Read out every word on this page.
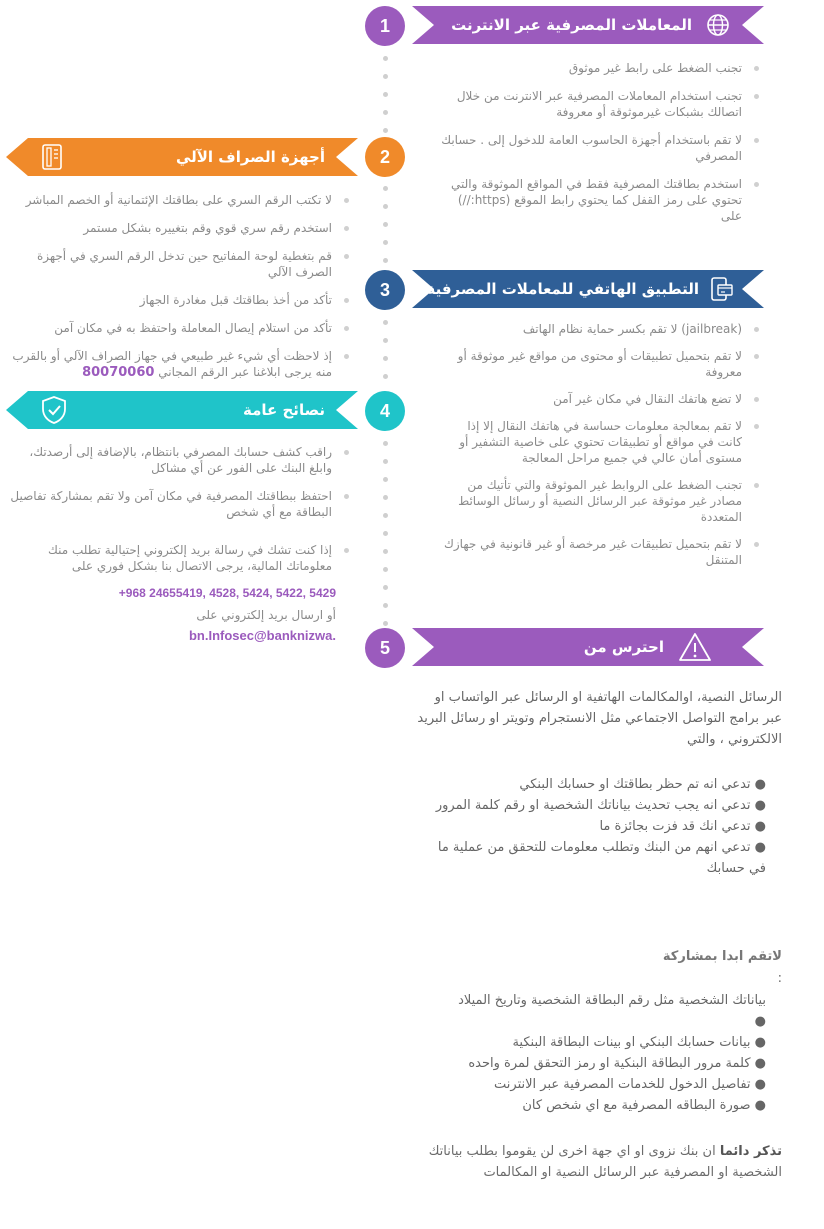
1
2
3
4
5
المعاملات المصرفية عبر الانترنت
تجنب الضغط على رابط غير موثوق
تجنب استخدام المعاملات المصرفية عبر الانترنت من خلال اتصالك بشبكات غيرموثوقة أو معروفة
لا تقم باستخدام أجهزة الحاسوب العامة للدخول إلى . حسابك المصرفي
استخدم بطاقتك المصرفية فقط في المواقع الموثوقة والتي تحتوي على رمز القفل كما يحتوي رابط الموقع (https://) على
أجهزة الصراف الآلي
لا تكتب الرقم السري على بطاقتك الإئتمانية أو الخصم المباشر
استخدم رقم سري قوي وقم بتغييره بشكل مستمر
قم بتغطية لوحة المفاتيح حين تدخل الرقم السري في أجهزة الصرف الآلي
تأكد من أخذ بطاقتك قبل مغادرة الجهاز
تأكد من استلام إيصال المعاملة واحتفظ به في مكان آمن
إذ لاحظت أي شيء غير طبيعي في جهاز الصراف الآلي أو بالقرب منه يرجى ابلاغنا عبر الرقم المجاني 80070060
التطبيق الهاتفي للمعاملات المصرفية
(jailbreak) لا تقم بكسر حماية نظام الهاتف
لا تقم بتحميل تطبيقات أو محتوى من مواقع غير موثوقة أو معروفة
لا تضع هاتفك النقال في مكان غير آمن
لا تقم بمعالجة معلومات حساسة في هاتفك النقال إلا إذا كانت في مواقع أو تطبيقات تحتوي على خاصية التشفير أو مستوى أمان عالي في جميع مراحل المعالجة
تجنب الضغط على الروابط غير الموثوقة والتي تأتيك من مصادر غير موثوقة عبر الرسائل النصية أو رسائل الوسائط المتعددة
لا تقم بتحميل تطبيقات غير مرخصة أو غير قانونية في جهازك المتنقل
نصائح عامة
راقب كشف حسابك المصرفي بانتظام، بالإضافة إلى أرصدتك، وابلغ البنك على الفور عن أي مشاكل
احتفظ ببطاقتك المصرفية في مكان آمن ولا تقم بمشاركة تفاصيل البطاقة مع أي شخص
إذا كنت تشك في رسالة بريد إلكتروني إحتيالية تطلب منك معلوماتك المالية، يرجى الاتصال بنا بشكل فوري على
+968 24655419, 4528, 5424, 5422, 5429
أو ارسال بريد إلكتروني على
bn.Infosec@banknizwa.
احترس من
الرسائل النصية، اوالمكالمات الهاتفية او الرسائل عبر الواتساب او عبر برامج التواصل الاجتماعي مثل الانستجرام وتويتر او رسائل البريد الالكتروني ، والتي
● تدعي انه تم حظر بطاقتك او حسابك البنكي
● تدعي انه يجب تحديث بياناتك الشخصية او رقم كلمة المرور
● تدعي انك قد فزت بجائزة ما
● تدعي انهم من البنك وتطلب معلومات للتحقق من عملية ما في حسابك
لاتقم ابدا بمشاركة
:
بياناتك الشخصية مثل رقم البطاقة الشخصية وتاريخ الميلاد
●
● بيانات حسابك البنكي او بينات البطاقة البنكية
● كلمة مرور البطاقة البنكية او رمز التحقق لمرة واحده
● تفاصيل الدخول للخدمات المصرفية عبر الانترنت
● صورة البطاقه المصرفية مع اي شخص كان
تذكر دائما ان بنك نزوى او اي جهة اخرى لن يقوموا بطلب بياناتك الشخصية او المصرفية عبر الرسائل النصية او المكالمات
